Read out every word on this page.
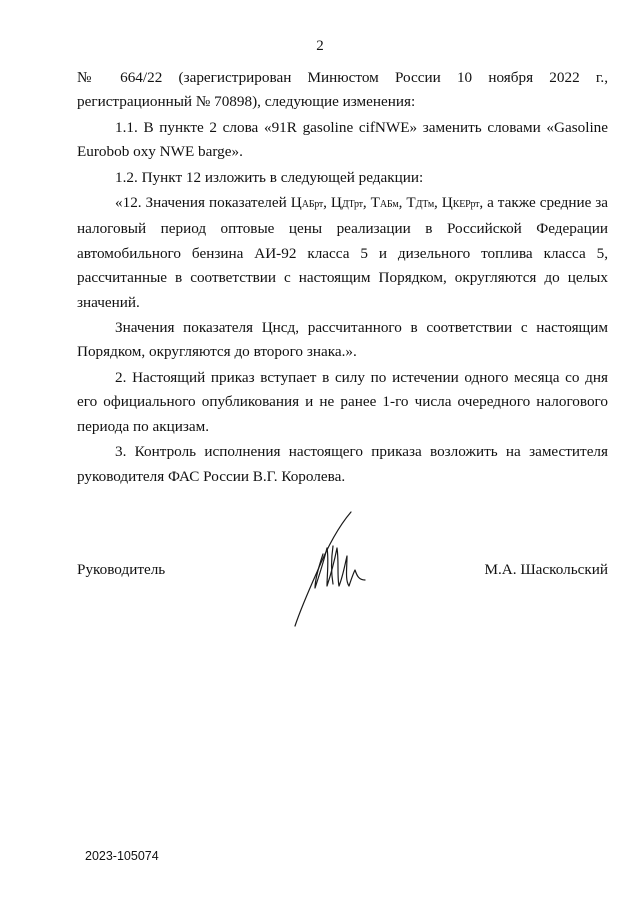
2

№ 664/22 (зарегистрирован Минюстом России 10 ноября 2022 г., регистрационный № 70898), следующие изменения:

1.1. В пункте 2 слова «91R gasoline cifNWE» заменить словами «Gasoline Eurobob oxy NWE barge».

1.2. Пункт 12 изложить в следующей редакции:

«12. Значения показателей ЦАБрт, ЦДТрт, ТАБм, ТДТм, ЦКЕРрт, а также средние за налоговый период оптовые цены реализации в Российской Федерации автомобильного бензина АИ-92 класса 5 и дизельного топлива класса 5, рассчитанные в соответствии с настоящим Порядком, округляются до целых значений.

Значения показателя Цнсд, рассчитанного в соответствии с настоящим Порядком, округляются до второго знака.».

2. Настоящий приказ вступает в силу по истечении одного месяца со дня его официального опубликования и не ранее 1-го числа очередного налогового периода по акцизам.

3. Контроль исполнения настоящего приказа возложить на заместителя руководителя ФАС России В.Г. Королева.

Руководитель	М.А. Шаскольский
2023-105074
